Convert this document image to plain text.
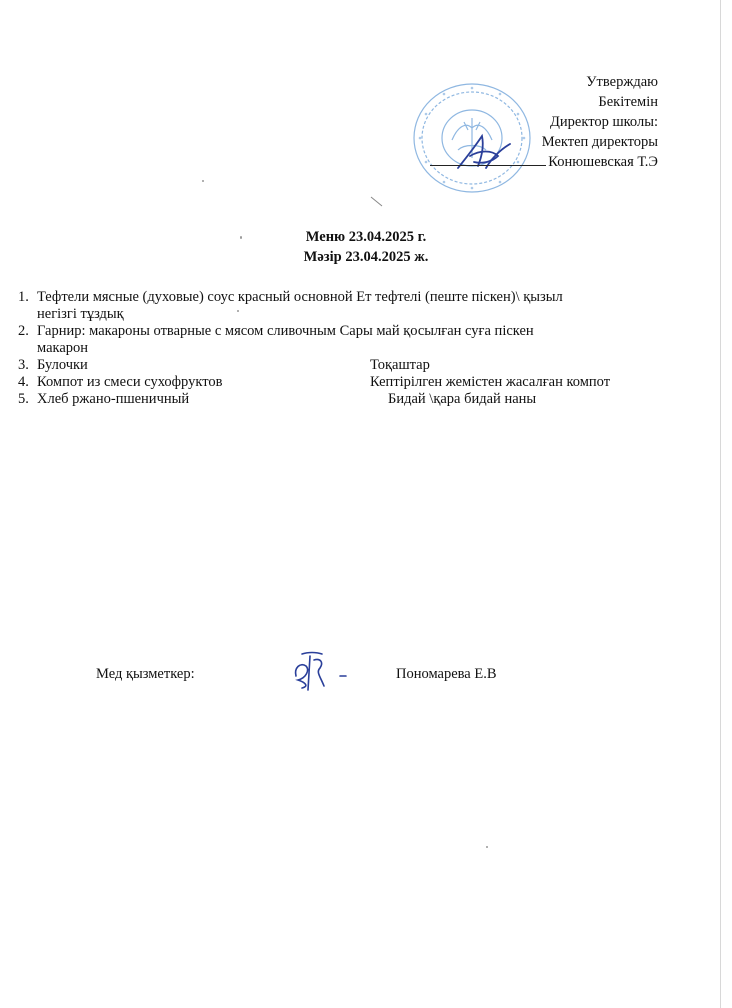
Утверждаю
Бекітемін
Директор школы:
Мектеп директоры
Конюшевская Т.Э
Меню 23.04.2025 г.
Мәзір 23.04.2025 ж.
1. Тефтели мясные (духовые) соус красный основной Ет тефтелі (пеште піскен)\ қызыл
негізгі тұздық
2. Гарнир: макароны отварные с мясом сливочным Сары май қосылған суға піскен
макарон
3. Булочки	Тоқаштар
4. Компот из смеси сухофруктов	Кептірілген жемістен жасалған компот
5. Хлеб ржано-пшеничный	Бидай \қара бидай наны
Мед қызметкер:	Пономарева Е.В
